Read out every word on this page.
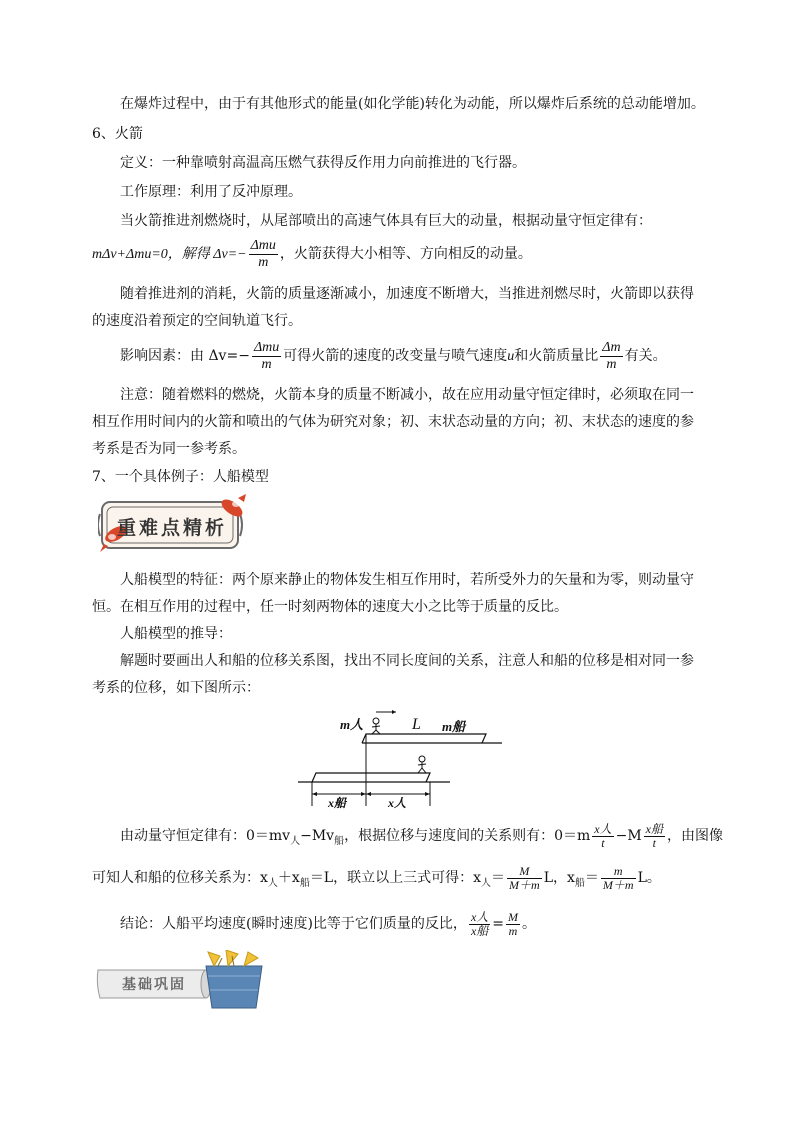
在爆炸过程中，由于有其他形式的能量(如化学能)转化为动能，所以爆炸后系统的总动能增加。
6、火箭
定义：一种靠喷射高温高压燃气获得反作用力向前推进的飞行器。
工作原理：利用了反冲原理。
当火箭推进剂燃烧时，从尾部喷出的高速气体具有巨大的动量，根据动量守恒定律有：
mΔv+Δmu=0，解得 $\Delta v=- \frac{\text{Δmu}}{m}$ ，火箭获得大小相等、方向相反的动量。
随着推进剂的消耗，火箭的质量逐渐减小，加速度不断增大，当推进剂燃尽时，火箭即以获得
的速度沿着预定的空间轨道飞行。
影响因素：由 $\Delta v=- \frac{\text{Δmu}}{m}$ 可得火箭的速度的改变量与喷气速度u和火箭质量比 $\frac{\Delta m}{m}$ 有关。
注意：随着燃料的燃烧，火箭本身的质量不断减小，故在应用动量守恒定律时，必须取在同一
相互作用时间内的火箭和喷出的气体为研究对象；初、末状态动量的方向；初、末状态的速度的参
考系是否为同一参考系。
7、一个具体例子：人船模型
重难点精析
人船模型的特征：两个原来静止的物体发生相互作用时，若所受外力的矢量和为零，则动量守
恒。在相互作用的过程中，任一时刻两物体的速度大小之比等于质量的反比。
人船模型的推导：
解题时要画出人和船的位移关系图，找出不同长度间的关系，注意人和船的位移是相对同一参
考系的位移，如下图所示：
m人	L m船
x船	x人
由动量守恒定律有：$0=mv_人-Mv_船$，根据位移与速度间的关系则有：$0=m \frac{\text{x人}}{t} -M \frac{\text{x船}}{t}$ ，由图像
可知人和船的位移关系为：$x_人+x_船=L$，联立以上三式可得：$x_人= \frac{M}{M+m}$ L，$x_船= \frac{m}{M+m}$ L。
结论：人船平均速度(瞬时速度)比等于它们质量的反比， $\frac{\text{x人}}{\text{x船}} = \frac{M}{m}$ 。
基础巩固
